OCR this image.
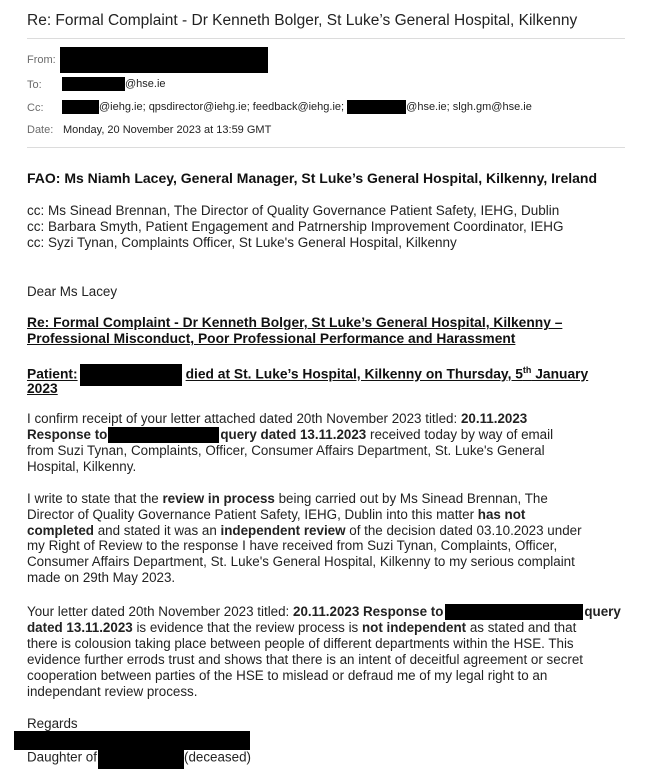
Re: Formal Complaint - Dr Kenneth Bolger, St Luke’s General Hospital, Kilkenny
From:
To:	@hse.ie
Cc:	@iehg.ie; qpsdirector@iehg.ie; feedback@iehg.ie;	@hse.ie; slgh.gm@hse.ie
Date: Monday, 20 November 2023 at 13:59 GMT
FAO: Ms Niamh Lacey, General Manager, St Luke’s General Hospital, Kilkenny, Ireland
cc: Ms Sinead Brennan, The Director of Quality Governance Patient Safety, IEHG, Dublin
cc: Barbara Smyth, Patient Engagement and Patrnership Improvement Coordinator, IEHG
cc: Syzi Tynan, Complaints Officer, St Luke's General Hospital, Kilkenny
Dear Ms Lacey
Re: Formal Complaint - Dr Kenneth Bolger, St Luke’s General Hospital, Kilkenny –
Professional Misconduct, Poor Professional Performance and Harassment
Patient:	died at St. Luke’s Hospital, Kilkenny on Thursday, 5th January
2023
I confirm receipt of your letter attached dated 20th November 2023 titled: 20.11.2023
Response to	query dated 13.11.2023 received today by way of email
from Suzi Tynan, Complaints, Officer, Consumer Affairs Department, St. Luke's General
Hospital, Kilkenny.
I write to state that the review in process being carried out by Ms Sinead Brennan, The
Director of Quality Governance Patient Safety, IEHG, Dublin into this matter has not
completed and stated it was an independent review of the decision dated 03.10.2023 under
my Right of Review to the response I have received from Suzi Tynan, Complaints, Officer,
Consumer Affairs Department, St. Luke's General Hospital, Kilkenny to my serious complaint
made on 29th May 2023.
Your letter dated 20th November 2023 titled: 20.11.2023 Response to	query
dated 13.11.2023 is evidence that the review process is not independent as stated and that
there is colousion taking place between people of different departments within the HSE. This
evidence further errods trust and shows that there is an intent of deceitful agreement or secret
cooperation between parties of the HSE to mislead or defraud me of my legal right to an
independant review process.
Regards
Daughter of	(deceased)
